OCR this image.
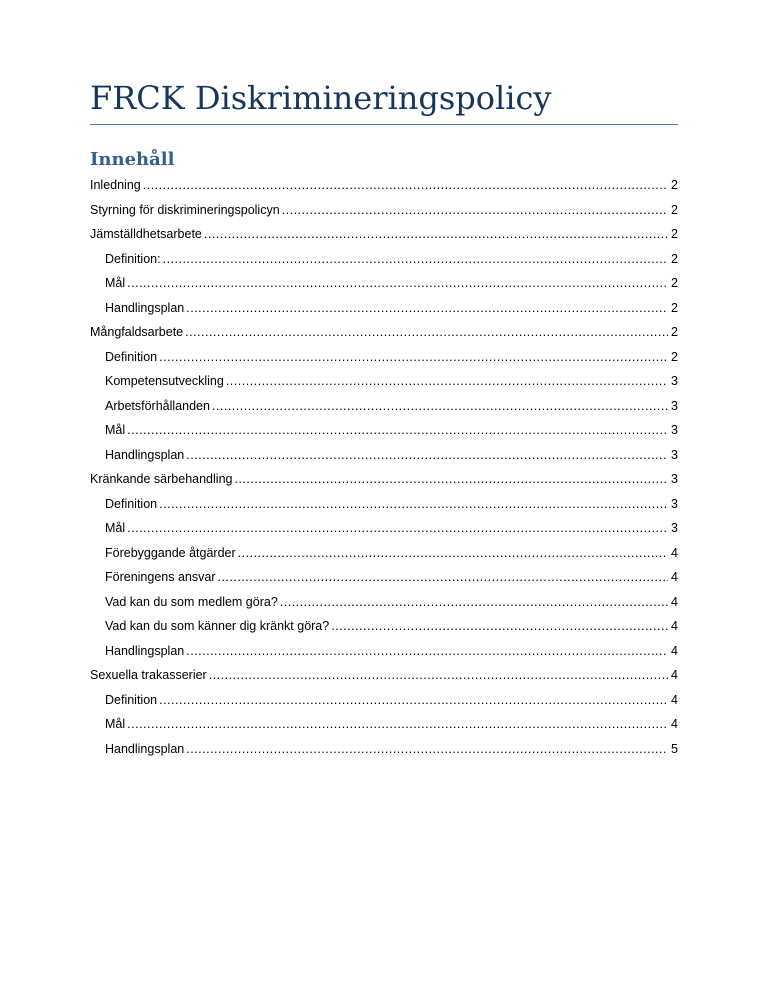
FRCK Diskrimineringspolicy
Innehåll
Inledning .....	2
Styrning för diskrimineringspolicyn .....	2
Jämställdhetsarbete .....	2
Definition: .....	2
Mål .....	2
Handlingsplan .....	2
Mångfaldsarbete .....	2
Definition .....	2
Kompetensutveckling .....	3
Arbetsförhållanden .....	3
Mål .....	3
Handlingsplan .....	3
Kränkande särbehandling .....	3
Definition .....	3
Mål .....	3
Förebyggande åtgärder .....	4
Föreningens ansvar .....	4
Vad kan du som medlem göra? .....	4
Vad kan du som känner dig kränkt göra? .....	4
Handlingsplan .....	4
Sexuella trakasserier .....	4
Definition .....	4
Mål .....	4
Handlingsplan .....	5
